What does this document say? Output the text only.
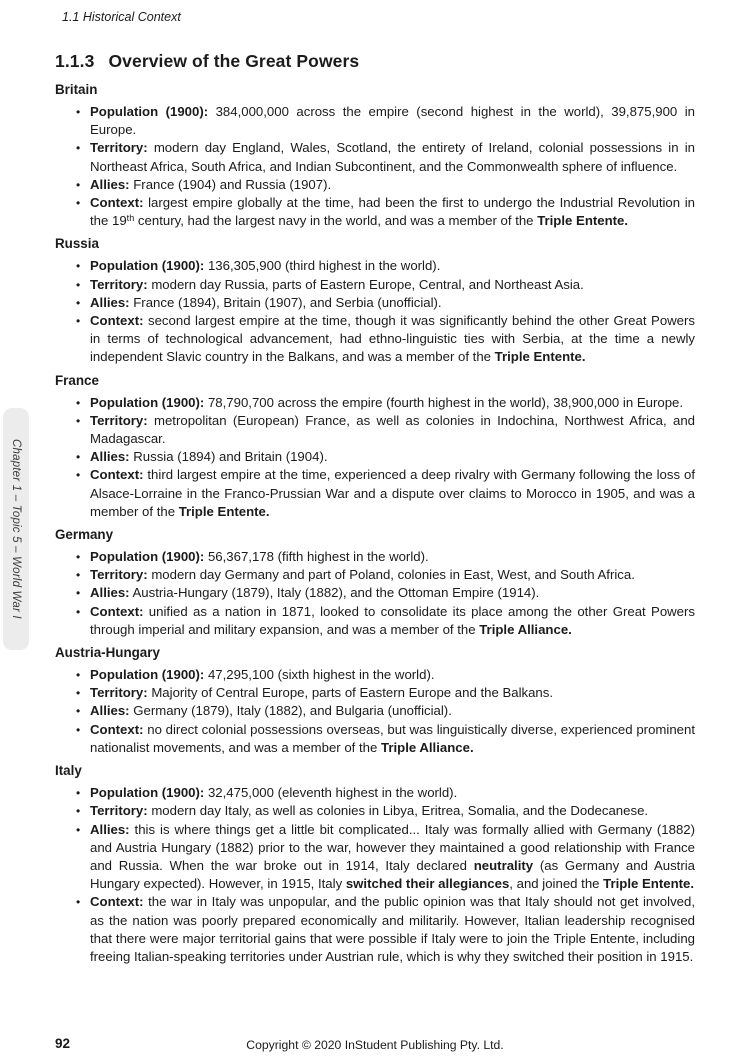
1.1 Historical Context
Chapter 1 – Topic 5 – World War I
1.1.3 Overview of the Great Powers
Britain
• Population (1900): 384,000,000 across the empire (second highest in the world), 39,875,900 in Europe.
• Territory: modern day England, Wales, Scotland, the entirety of Ireland, colonial possessions in in Northeast Africa, South Africa, and Indian Subcontinent, and the Commonwealth sphere of influence.
• Allies: France (1904) and Russia (1907).
• Context: largest empire globally at the time, had been the first to undergo the Industrial Revolution in the 19th century, had the largest navy in the world, and was a member of the Triple Entente.
Russia
• Population (1900): 136,305,900 (third highest in the world).
• Territory: modern day Russia, parts of Eastern Europe, Central, and Northeast Asia.
• Allies: France (1894), Britain (1907), and Serbia (unofficial).
• Context: second largest empire at the time, though it was significantly behind the other Great Powers in terms of technological advancement, had ethno-linguistic ties with Serbia, at the time a newly independent Slavic country in the Balkans, and was a member of the Triple Entente.
France
• Population (1900): 78,790,700 across the empire (fourth highest in the world), 38,900,000 in Europe.
• Territory: metropolitan (European) France, as well as colonies in Indochina, Northwest Africa, and Madagascar.
• Allies: Russia (1894) and Britain (1904).
• Context: third largest empire at the time, experienced a deep rivalry with Germany following the loss of Alsace-Lorraine in the Franco-Prussian War and a dispute over claims to Morocco in 1905, and was a member of the Triple Entente.
Germany
• Population (1900): 56,367,178 (fifth highest in the world).
• Territory: modern day Germany and part of Poland, colonies in East, West, and South Africa.
• Allies: Austria-Hungary (1879), Italy (1882), and the Ottoman Empire (1914).
• Context: unified as a nation in 1871, looked to consolidate its place among the other Great Powers through imperial and military expansion, and was a member of the Triple Alliance.
Austria-Hungary
• Population (1900): 47,295,100 (sixth highest in the world).
• Territory: Majority of Central Europe, parts of Eastern Europe and the Balkans.
• Allies: Germany (1879), Italy (1882), and Bulgaria (unofficial).
• Context: no direct colonial possessions overseas, but was linguistically diverse, experienced prominent nationalist movements, and was a member of the Triple Alliance.
Italy
• Population (1900): 32,475,000 (eleventh highest in the world).
• Territory: modern day Italy, as well as colonies in Libya, Eritrea, Somalia, and the Dodecanese.
• Allies: this is where things get a little bit complicated... Italy was formally allied with Germany (1882) and Austria Hungary (1882) prior to the war, however they maintained a good relationship with France and Russia. When the war broke out in 1914, Italy declared neutrality (as Germany and Austria Hungary expected). However, in 1915, Italy switched their allegiances, and joined the Triple Entente.
• Context: the war in Italy was unpopular, and the public opinion was that Italy should not get involved, as the nation was poorly prepared economically and militarily. However, Italian leadership recognised that there were major territorial gains that were possible if Italy were to join the Triple Entente, including freeing Italian-speaking territories under Austrian rule, which is why they switched their position in 1915.
92	Copyright © 2020 InStudent Publishing Pty. Ltd.
